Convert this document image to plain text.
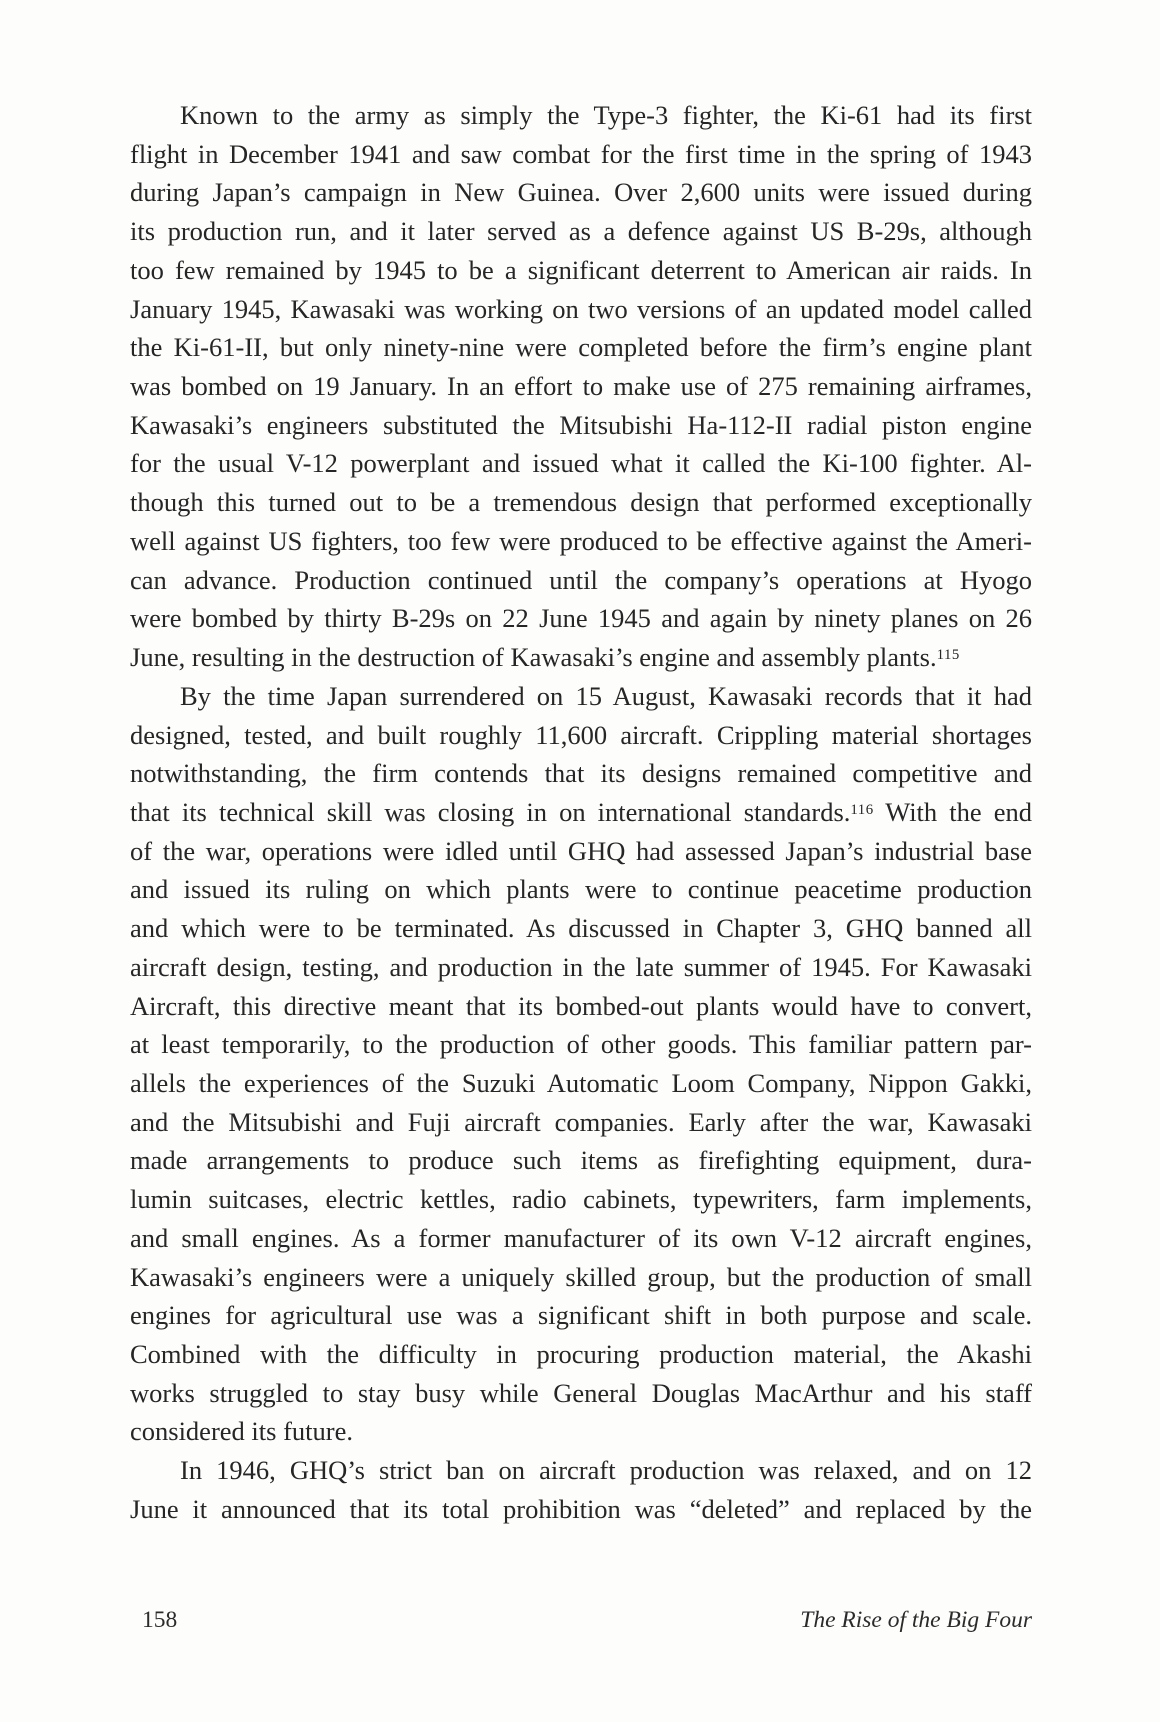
Known to the army as simply the Type-3 fighter, the Ki-61 had its first
flight in December 1941 and saw combat for the first time in the spring of 1943
during Japan’s campaign in New Guinea. Over 2,600 units were issued during
its production run, and it later served as a defence against US B-29s, although
too few remained by 1945 to be a significant deterrent to American air raids. In
January 1945, Kawasaki was working on two versions of an updated model called
the Ki-61-II, but only ninety-nine were completed before the firm’s engine plant
was bombed on 19 January. In an effort to make use of 275 remaining airframes,
Kawasaki’s engineers substituted the Mitsubishi Ha-112-II radial piston engine
for the usual V-12 powerplant and issued what it called the Ki-100 fighter. Al-
though this turned out to be a tremendous design that performed exceptionally
well against US fighters, too few were produced to be effective against the Ameri-
can advance. Production continued until the company’s operations at Hyogo
were bombed by thirty B-29s on 22 June 1945 and again by ninety planes on 26
June, resulting in the destruction of Kawasaki’s engine and assembly plants.$^{115}$
By the time Japan surrendered on 15 August, Kawasaki records that it had
designed, tested, and built roughly 11,600 aircraft. Crippling material shortages
notwithstanding, the firm contends that its designs remained competitive and
that its technical skill was closing in on international standards.$^{116}$ With the end
of the war, operations were idled until GHQ had assessed Japan’s industrial base
and issued its ruling on which plants were to continue peacetime production
and which were to be terminated. As discussed in Chapter 3, GHQ banned all
aircraft design, testing, and production in the late summer of 1945. For Kawasaki
Aircraft, this directive meant that its bombed-out plants would have to convert,
at least temporarily, to the production of other goods. This familiar pattern par-
allels the experiences of the Suzuki Automatic Loom Company, Nippon Gakki,
and the Mitsubishi and Fuji aircraft companies. Early after the war, Kawasaki
made arrangements to produce such items as firefighting equipment, dura-
lumin suitcases, electric kettles, radio cabinets, typewriters, farm implements,
and small engines. As a former manufacturer of its own V-12 aircraft engines,
Kawasaki’s engineers were a uniquely skilled group, but the production of small
engines for agricultural use was a significant shift in both purpose and scale.
Combined with the difficulty in procuring production material, the Akashi
works struggled to stay busy while General Douglas MacArthur and his staff
considered its future.
In 1946, GHQ’s strict ban on aircraft production was relaxed, and on 12
June it announced that its total prohibition was “deleted” and replaced by the
158	The Rise of the Big Four
